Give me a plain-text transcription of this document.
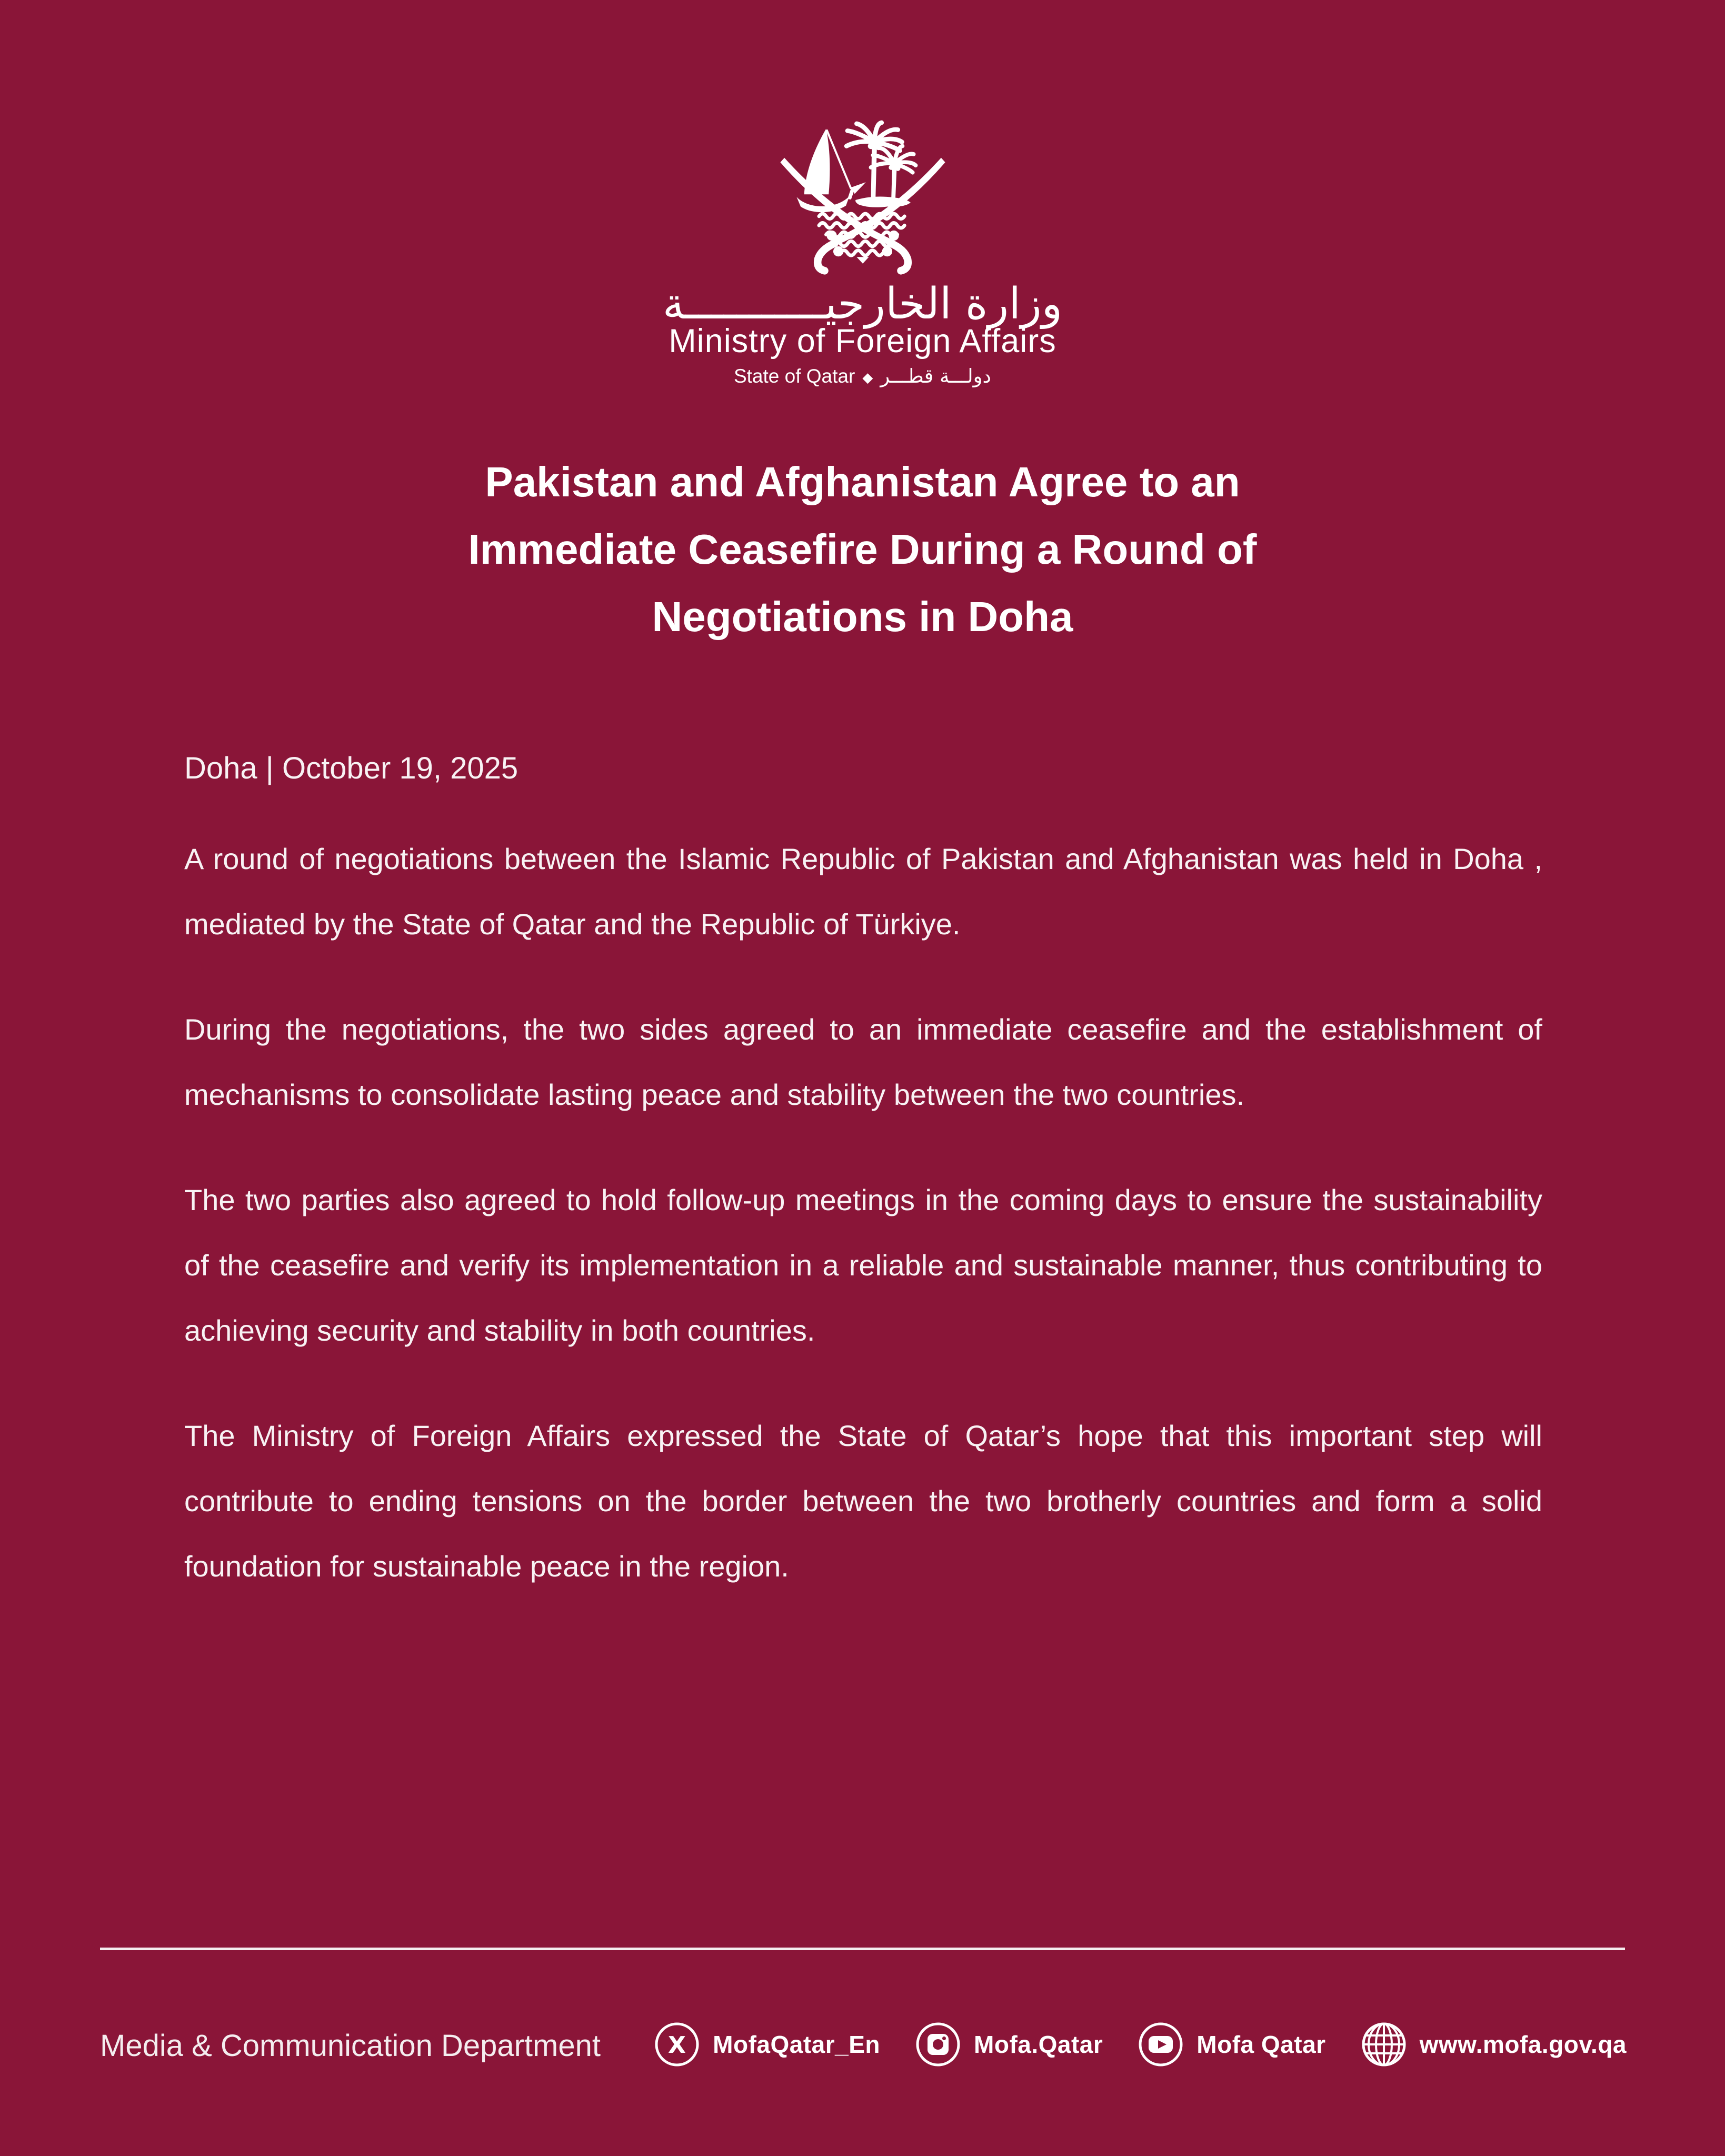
وزارة الخارجيـــــــــــة
Ministry of Foreign Affairs
State of Qatar ◆ دولـــة قطـــر
Pakistan and Afghanistan Agree to an
Immediate Ceasefire During a Round of
Negotiations in Doha
Doha | October 19, 2025

A round of negotiations between the Islamic Republic of Pakistan and Afghanistan was held in Doha , mediated by the State of Qatar and the Republic of Türkiye.

During the negotiations, the two sides agreed to an immediate ceasefire and the establishment of mechanisms to consolidate lasting peace and stability between the two countries.

The two parties also agreed to hold follow-up meetings in the coming days to ensure the sustainability of the ceasefire and verify its implementation in a reliable and sustainable manner, thus contributing to achieving security and stability in both countries.

The Ministry of Foreign Affairs expressed the State of Qatar’s hope that this important step will contribute to ending tensions on the border between the two brotherly countries and form a solid foundation for sustainable peace in the region.

Media & Communication Department	X MofaQatar_En	Mofa.Qatar	Mofa Qatar	www.mofa.gov.qa
